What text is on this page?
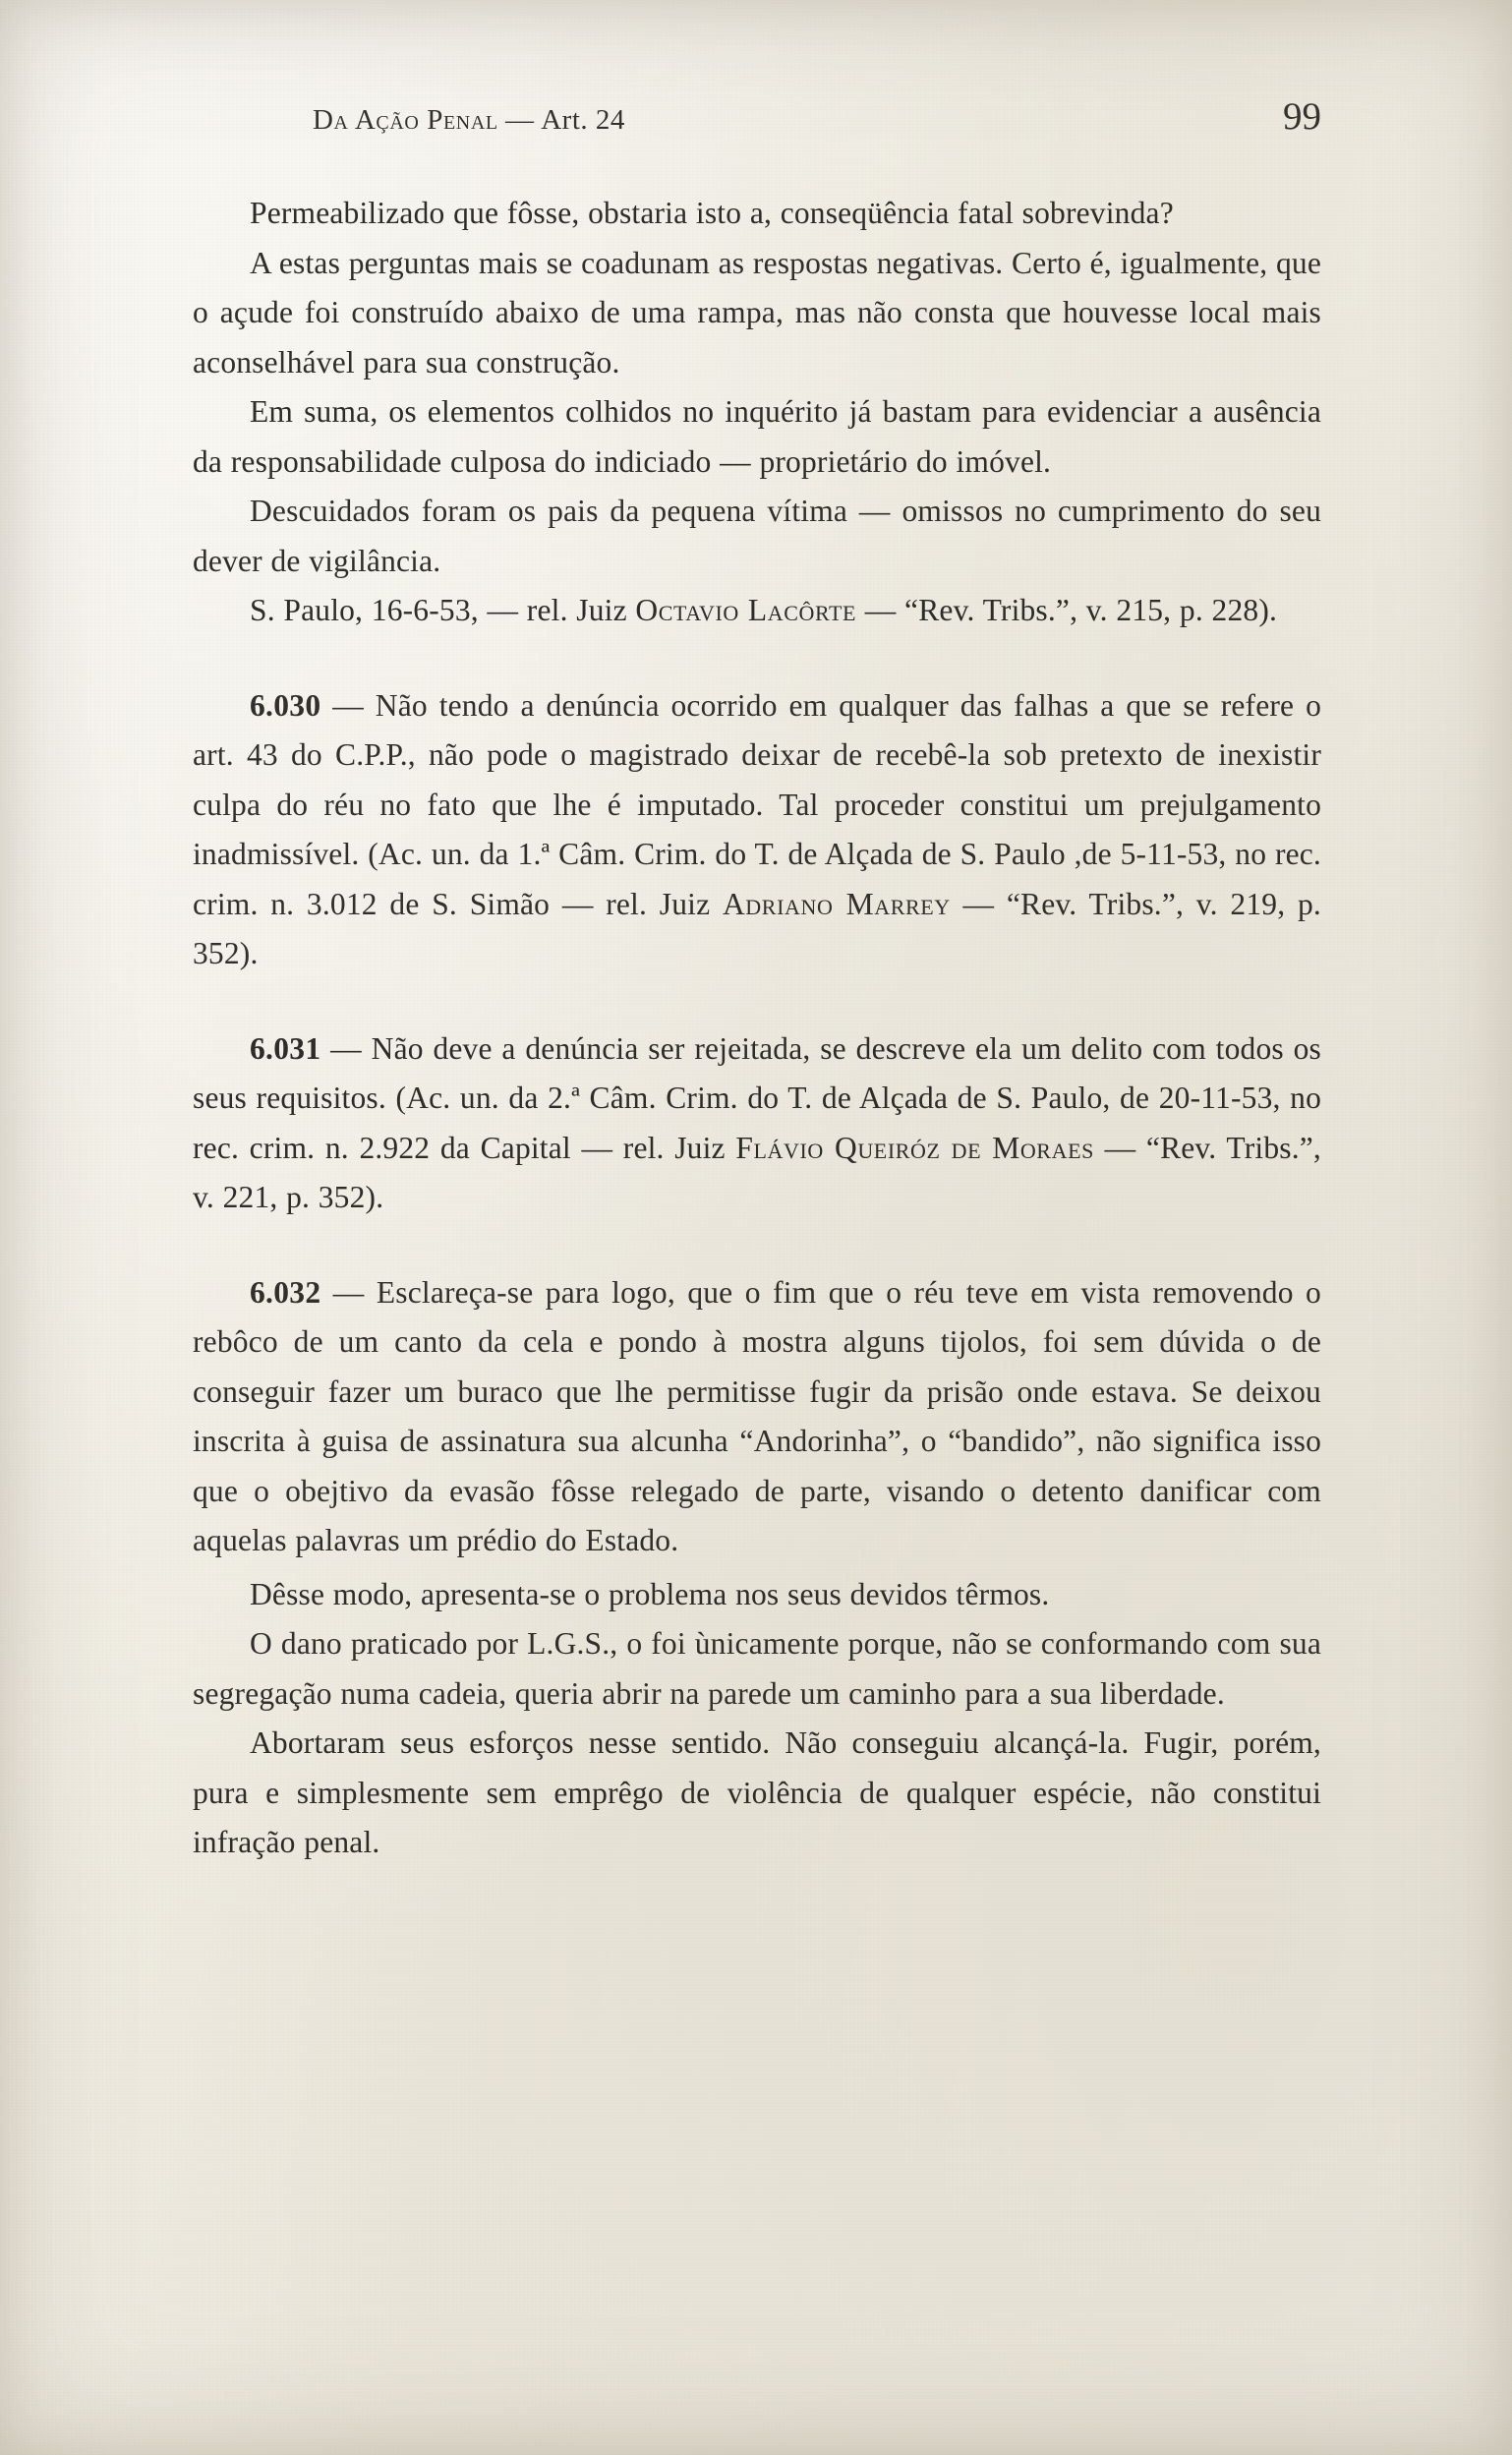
Da Ação Penal — Art. 24	99

Permeabilizado que fôsse, obstaria isto a, conseqüência fatal sobrevinda?

A estas perguntas mais se coadunam as respostas negativas. Certo é, igualmente, que o açude foi construído abaixo de uma rampa, mas não consta que houvesse local mais aconselhável para sua construção.

Em suma, os elementos colhidos no inquérito já bastam para evidenciar a ausência da responsabilidade culposa do indiciado — proprietário do imóvel.

Descuidados foram os pais da pequena vítima — omissos no cumprimento do seu dever de vigilância.

S. Paulo, 16-6-53, — rel. Juiz Octavio Lacôrte — “Rev. Tribs.”, v. 215, p. 228).

6.030 — Não tendo a denúncia ocorrido em qualquer das falhas a que se refere o art. 43 do C.P.P., não pode o magistrado deixar de recebê-la sob pretexto de inexistir culpa do réu no fato que lhe é imputado. Tal proceder constitui um prejulgamento inadmissível. (Ac. un. da 1.ª Câm. Crim. do T. de Alçada de S. Paulo ,de 5-11-53, no rec. crim. n. 3.012 de S. Simão — rel. Juiz Adriano Marrey — “Rev. Tribs.”, v. 219, p. 352).

6.031 — Não deve a denúncia ser rejeitada, se descreve ela um delito com todos os seus requisitos. (Ac. un. da 2.ª Câm. Crim. do T. de Alçada de S. Paulo, de 20-11-53, no rec. crim. n. 2.922 da Capital — rel. Juiz Flávio Queiróz de Moraes — “Rev. Tribs.”, v. 221, p. 352).

6.032 — Esclareça-se para logo, que o fim que o réu teve em vista removendo o rebôco de um canto da cela e pondo à mostra alguns tijolos, foi sem dúvida o de conseguir fazer um buraco que lhe permitisse fugir da prisão onde estava. Se deixou inscrita à guisa de assinatura sua alcunha “Andorinha”, o “bandido”, não significa isso que o obejtivo da evasão fôsse relegado de parte, visando o detento danificar com aquelas palavras um prédio do Estado.

Dêsse modo, apresenta-se o problema nos seus devidos têrmos.

O dano praticado por L.G.S., o foi ùnicamente porque, não se conformando com sua segregação numa cadeia, queria abrir na parede um caminho para a sua liberdade.

Abortaram seus esforços nesse sentido. Não conseguiu alcançá-la. Fugir, porém, pura e simplesmente sem emprêgo de violência de qualquer espécie, não constitui infração penal.
